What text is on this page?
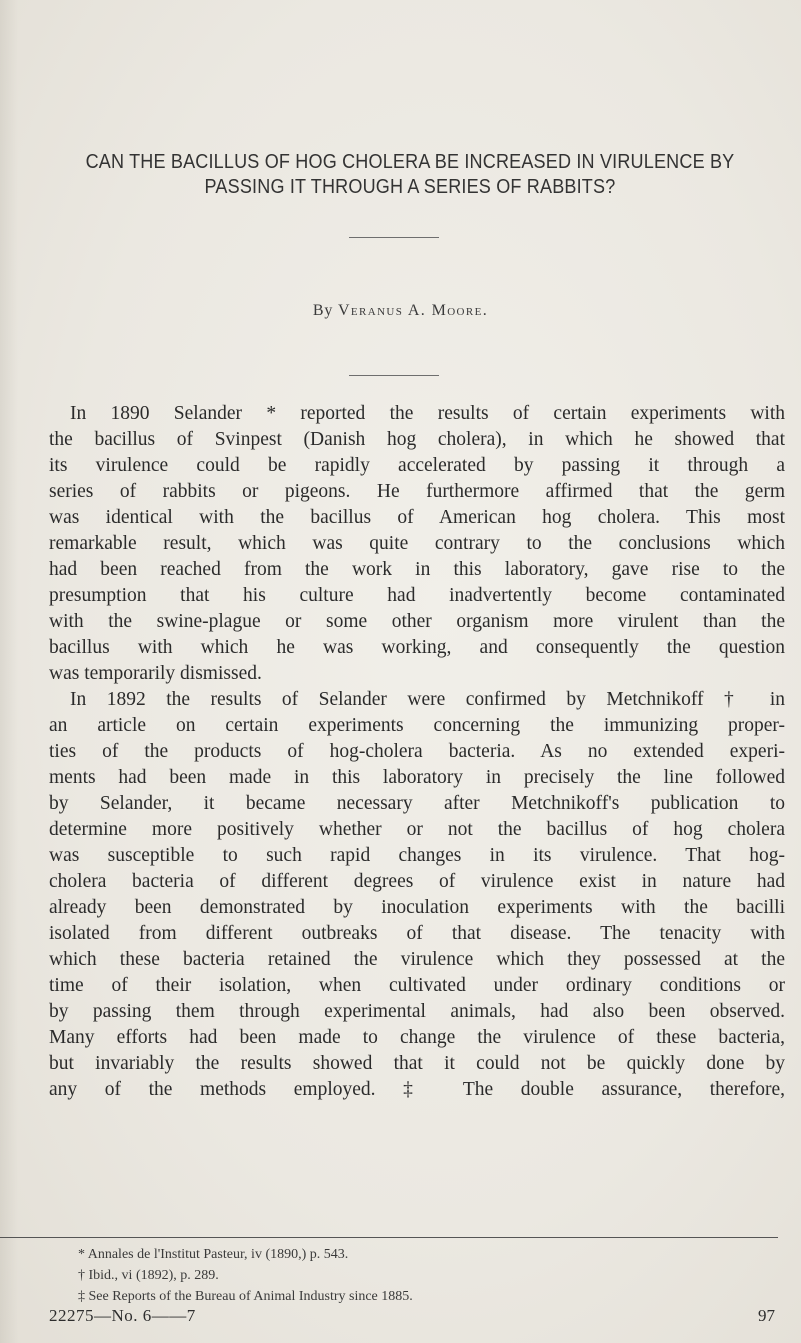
CAN THE BACILLUS OF HOG CHOLERA BE INCREASED IN VIRULENCE BY
PASSING IT THROUGH A SERIES OF RABBITS?
By Veranus A. Moore.
In 1890 Selander * reported the results of certain experiments with
the bacillus of Svinpest (Danish hog cholera), in which he showed that
its virulence could be rapidly accelerated by passing it through a
series of rabbits or pigeons. He furthermore affirmed that the germ
was identical with the bacillus of American hog cholera. This most
remarkable result, which was quite contrary to the conclusions which
had been reached from the work in this laboratory, gave rise to the
presumption that his culture had inadvertently become contaminated
with the swine-plague or some other organism more virulent than the
bacillus with which he was working, and consequently the question
was temporarily dismissed.
In 1892 the results of Selander were confirmed by Metchnikoff † in
an article on certain experiments concerning the immunizing proper-
ties of the products of hog-cholera bacteria. As no extended experi-
ments had been made in this laboratory in precisely the line followed
by Selander, it became necessary after Metchnikoff's publication to
determine more positively whether or not the bacillus of hog cholera
was susceptible to such rapid changes in its virulence. That hog-
cholera bacteria of different degrees of virulence exist in nature had
already been demonstrated by inoculation experiments with the bacilli
isolated from different outbreaks of that disease. The tenacity with
which these bacteria retained the virulence which they possessed at the
time of their isolation, when cultivated under ordinary conditions or
by passing them through experimental animals, had also been observed.
Many efforts had been made to change the virulence of these bacteria,
but invariably the results showed that it could not be quickly done by
any of the methods employed. ‡ The double assurance, therefore,
* Annales de l'Institut Pasteur, iv (1890,) p. 543.
† Ibid., vi (1892), p. 289.
‡ See Reports of the Bureau of Animal Industry since 1885.
22275—No. 6——7	97
